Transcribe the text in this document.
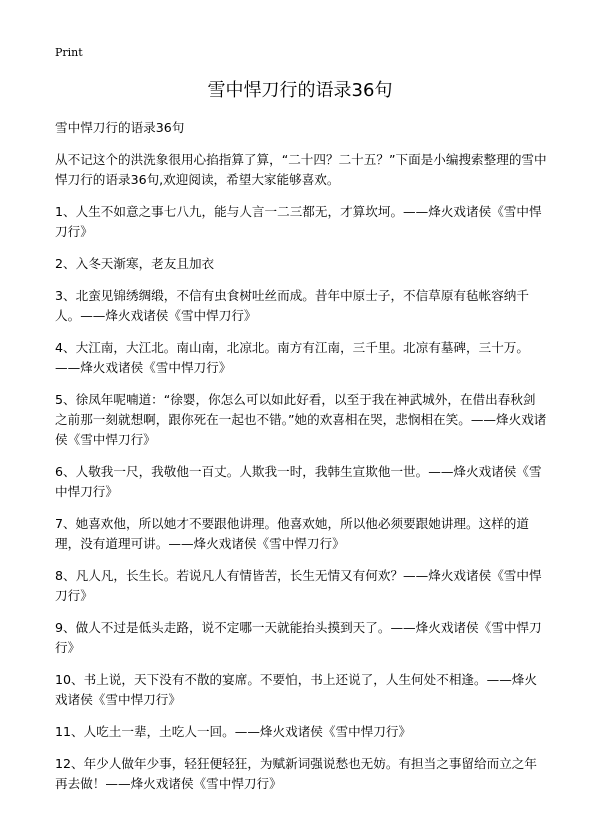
Print
雪中悍刀行的语录36句

雪中悍刀行的语录36句

从不记这个的洪洗象很用心掐指算了算，“二十四？二十五？”下面是小编搜索整理的雪中悍刀行的语录36句,欢迎阅读，希望大家能够喜欢。

1、人生不如意之事七八九，能与人言一二三都无，才算坎坷。——烽火戏诸侯《雪中悍刀行》

2、入冬天渐寒，老友且加衣

3、北蛮见锦绣绸缎，不信有虫食树吐丝而成。昔年中原士子，不信草原有毡帐容纳千人。——烽火戏诸侯《雪中悍刀行》

4、大江南，大江北。南山南，北凉北。南方有江南，三千里。北凉有墓碑，三十万。——烽火戏诸侯《雪中悍刀行》

5、徐凤年呢喃道：“徐婴，你怎么可以如此好看，以至于我在神武城外，在借出春秋剑之前那一刻就想啊，跟你死在一起也不错。”她的欢喜相在哭，悲悯相在笑。——烽火戏诸侯《雪中悍刀行》

6、人敬我一尺，我敬他一百丈。人欺我一时，我韩生宣欺他一世。——烽火戏诸侯《雪中悍刀行》

7、她喜欢他，所以她才不要跟他讲理。他喜欢她，所以他必须要跟她讲理。这样的道理，没有道理可讲。——烽火戏诸侯《雪中悍刀行》

8、凡人凡，长生长。若说凡人有情皆苦，长生无情又有何欢？——烽火戏诸侯《雪中悍刀行》

9、做人不过是低头走路，说不定哪一天就能抬头摸到天了。——烽火戏诸侯《雪中悍刀行》

10、书上说，天下没有不散的宴席。不要怕，书上还说了，人生何处不相逢。——烽火戏诸侯《雪中悍刀行》

11、人吃土一辈，土吃人一回。——烽火戏诸侯《雪中悍刀行》

12、年少人做年少事，轻狂便轻狂，为赋新词强说愁也无妨。有担当之事留给而立之年再去做！——烽火戏诸侯《雪中悍刀行》
